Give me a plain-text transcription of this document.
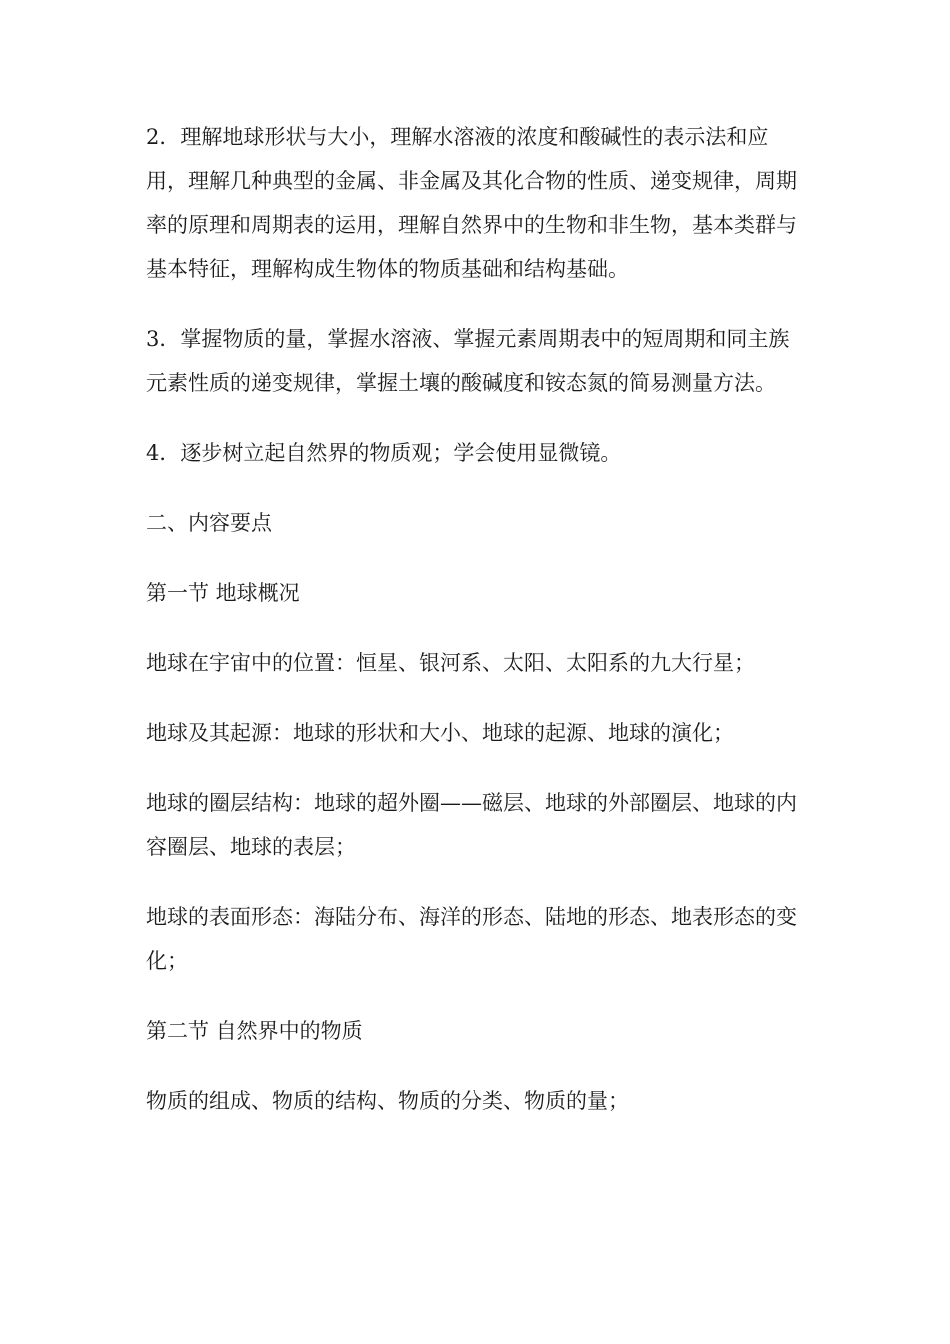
2．理解地球形状与大小，理解水溶液的浓度和酸碱性的表示法和应用，理解几种典型的金属、非金属及其化合物的性质、递变规律，周期率的原理和周期表的运用，理解自然界中的生物和非生物，基本类群与基本特征，理解构成生物体的物质基础和结构基础。

3．掌握物质的量，掌握水溶液、掌握元素周期表中的短周期和同主族元素性质的递变规律，掌握土壤的酸碱度和铵态氮的简易测量方法。

4．逐步树立起自然界的物质观；学会使用显微镜。

二、内容要点

第一节 地球概况

地球在宇宙中的位置：恒星、银河系、太阳、太阳系的九大行星；

地球及其起源：地球的形状和大小、地球的起源、地球的演化；

地球的圈层结构：地球的超外圈——磁层、地球的外部圈层、地球的内容圈层、地球的表层；

地球的表面形态：海陆分布、海洋的形态、陆地的形态、地表形态的变化；

第二节 自然界中的物质

物质的组成、物质的结构、物质的分类、物质的量；
